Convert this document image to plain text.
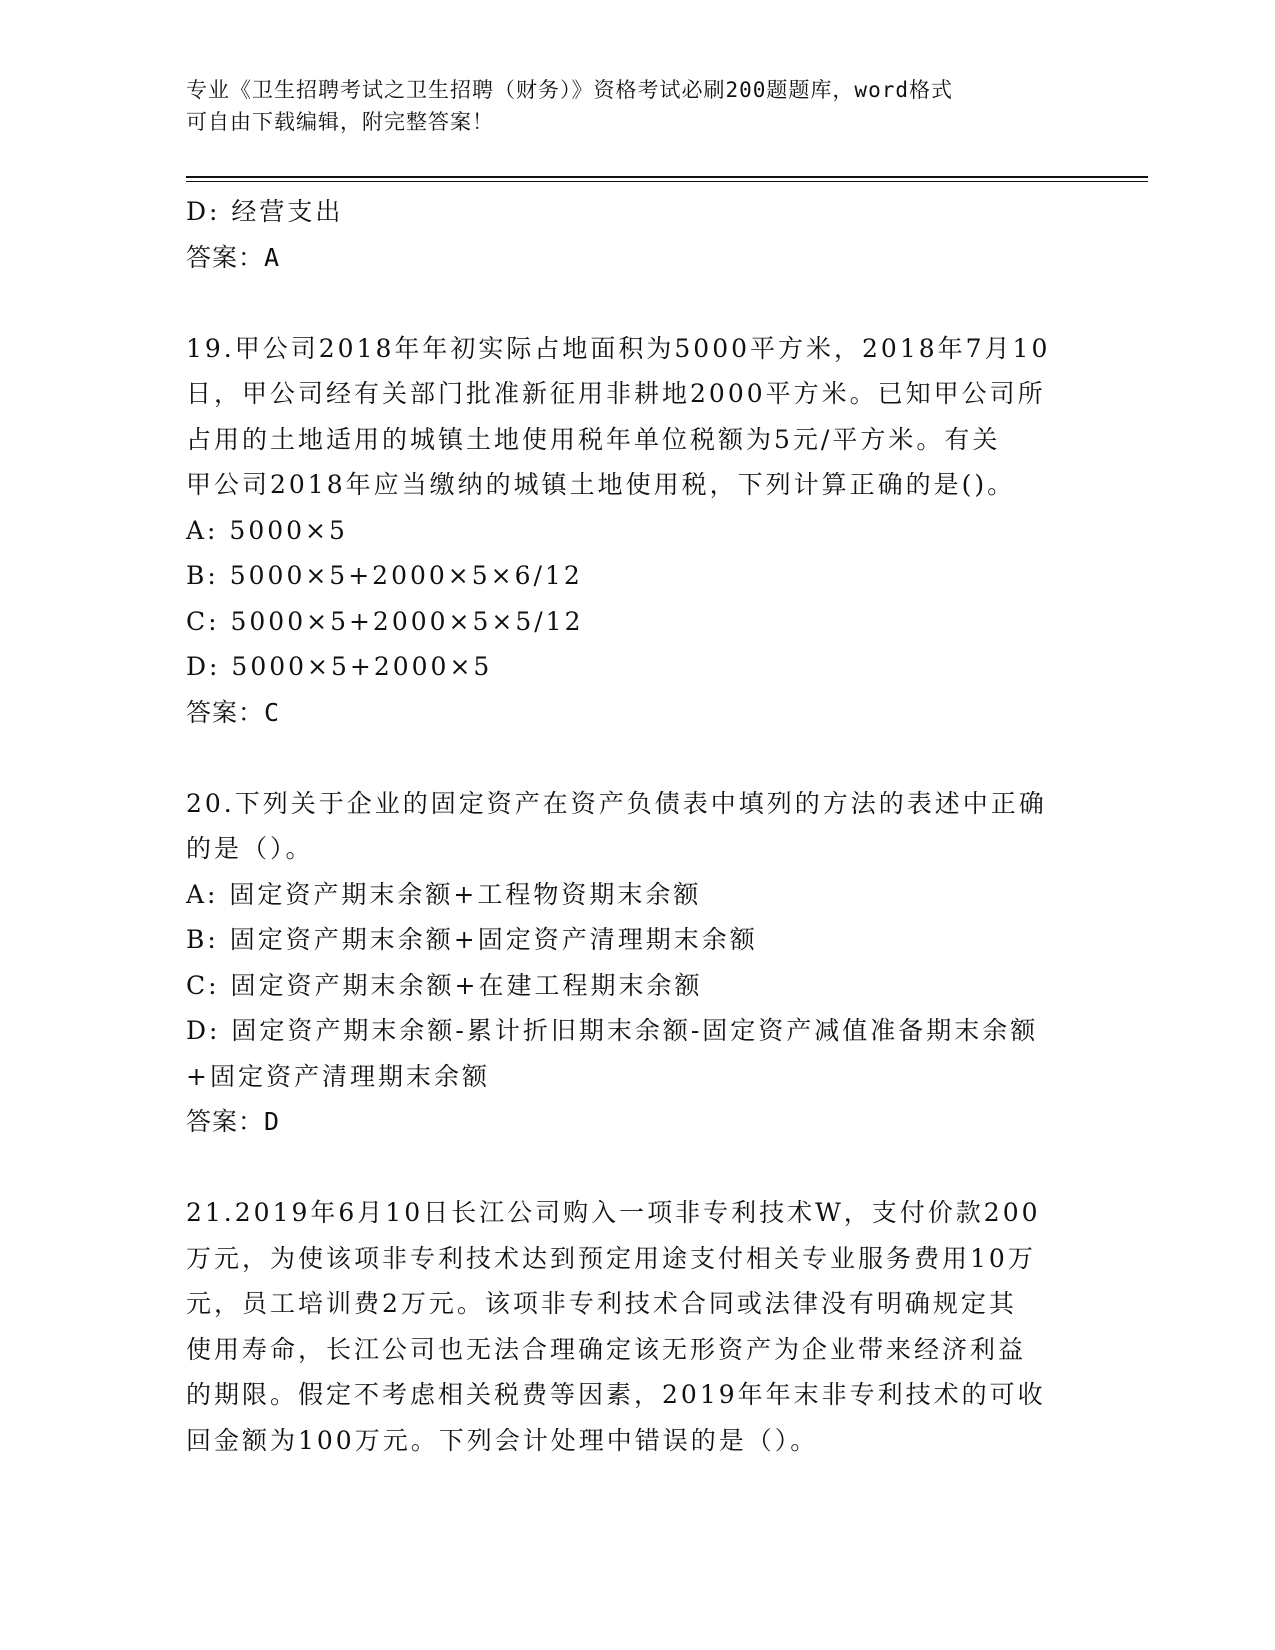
专业《卫生招聘考试之卫生招聘（财务）》资格考试必刷200题题库，word格式
可自由下载编辑，附完整答案！
D: 经营支出
答案：A
19.甲公司2018年年初实际占地面积为5000平方米，2018年7月10
日，甲公司经有关部门批准新征用非耕地2000平方米。已知甲公司所
占用的土地适用的城镇土地使用税年单位税额为5元/平方米。有关
甲公司2018年应当缴纳的城镇土地使用税，下列计算正确的是()。
A: 5000×5
B: 5000×5+2000×5×6/12
C: 5000×5+2000×5×5/12
D: 5000×5+2000×5
答案：C
20.下列关于企业的固定资产在资产负债表中填列的方法的表述中正确
的是（）。
A: 固定资产期末余额+工程物资期末余额
B: 固定资产期末余额+固定资产清理期末余额
C: 固定资产期末余额+在建工程期末余额
D: 固定资产期末余额-累计折旧期末余额-固定资产减值准备期末余额
+固定资产清理期末余额
答案：D
21.2019年6月10日长江公司购入一项非专利技术W，支付价款200
万元，为使该项非专利技术达到预定用途支付相关专业服务费用10万
元，员工培训费2万元。该项非专利技术合同或法律没有明确规定其
使用寿命，长江公司也无法合理确定该无形资产为企业带来经济利益
的期限。假定不考虑相关税费等因素，2019年年末非专利技术的可收
回金额为100万元。下列会计处理中错误的是（）。
